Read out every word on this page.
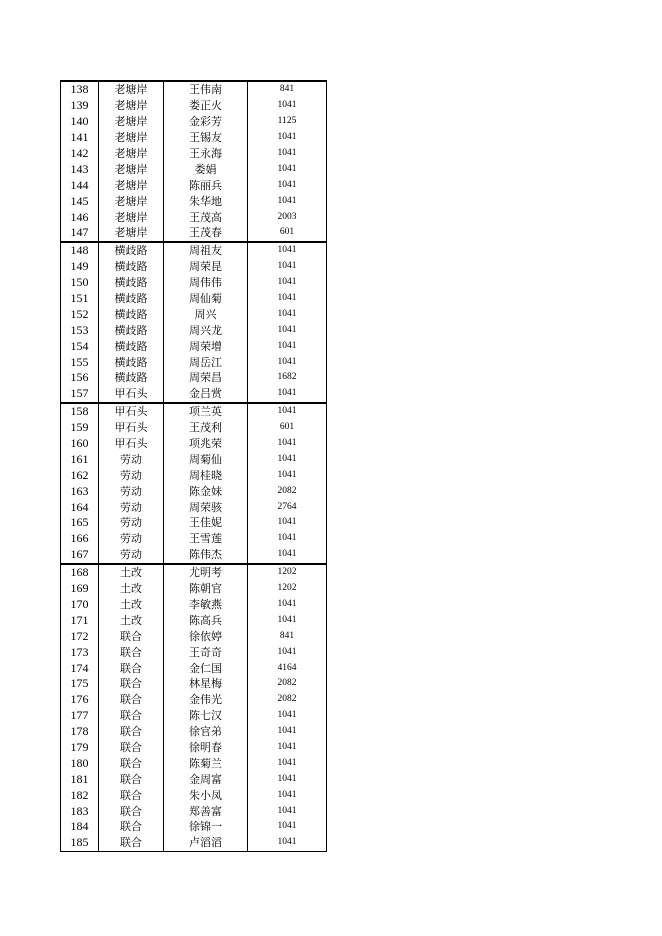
138	老塘岸	王伟南	841
139	老塘岸	娄正火	1041
140	老塘岸	金彩芳	1125
141	老塘岸	王锡友	1041
142	老塘岸	王永海	1041
143	老塘岸	娄娟	1041
144	老塘岸	陈丽兵	1041
145	老塘岸	朱华地	1041
146	老塘岸	王茂高	2003
147	老塘岸	王茂春	601
148	横歧路	周祖友	1041
149	横歧路	周荣昆	1041
150	横歧路	周伟伟	1041
151	横歧路	周仙菊	1041
152	横歧路	周兴	1041
153	横歧路	周兴龙	1041
154	横歧路	周荣增	1041
155	横歧路	周岳江	1041
156	横歧路	周荣昌	1682
157	甲石头	金吕赏	1041
158	甲石头	项兰英	1041
159	甲石头	王茂利	601
160	甲石头	项兆荣	1041
161	劳动	周菊仙	1041
162	劳动	周桂晓	1041
163	劳动	陈金妹	2082
164	劳动	周荣骇	2764
165	劳动	王佳妮	1041
166	劳动	王雪莲	1041
167	劳动	陈伟杰	1041
168	土改	尤明考	1202
169	土改	陈朝官	1202
170	土改	李敏燕	1041
171	土改	陈高兵	1041
172	联合	徐依婷	841
173	联合	王奇奇	1041
174	联合	金仁国	4164
175	联合	林星梅	2082
176	联合	金伟光	2082
177	联合	陈七汉	1041
178	联合	徐官弟	1041
179	联合	徐明春	1041
180	联合	陈菊兰	1041
181	联合	金周富	1041
182	联合	朱小凤	1041
183	联合	郑善富	1041
184	联合	徐锦一	1041
185	联合	卢滔滔	1041
